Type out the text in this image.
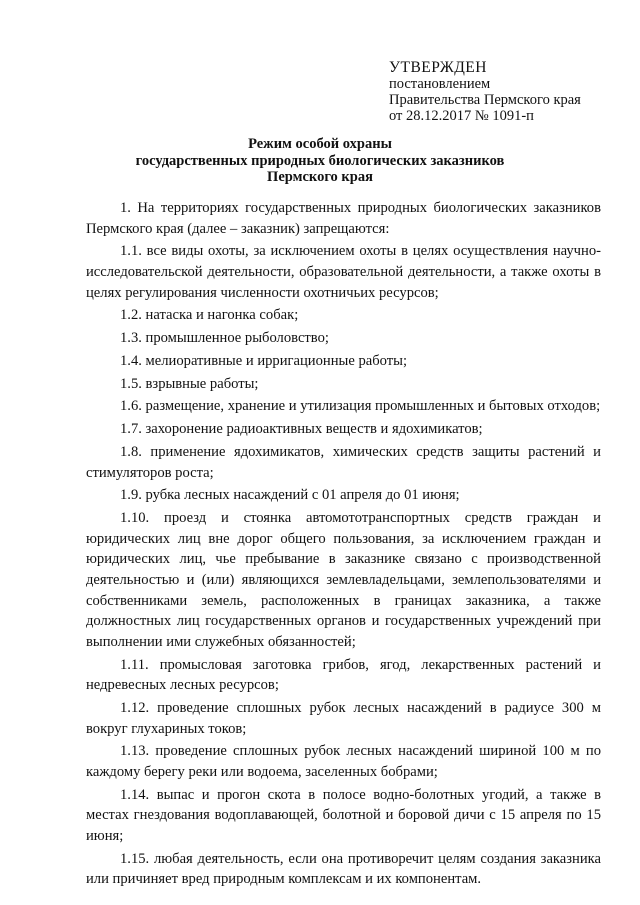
УТВЕРЖДЕН
постановлением
Правительства Пермского края
от 28.12.2017 № 1091-п
Режим особой охраны
государственных природных биологических заказников
Пермского края

1. На территориях государственных природных биологических заказников Пермского края (далее – заказник) запрещаются:

1.1. все виды охоты, за исключением охоты в целях осуществления научно-исследовательской деятельности, образовательной деятельности, а также охоты в целях регулирования численности охотничьих ресурсов;

1.2. натаска и нагонка собак;

1.3. промышленное рыболовство;

1.4. мелиоративные и ирригационные работы;

1.5. взрывные работы;

1.6. размещение, хранение и утилизация промышленных и бытовых отходов;

1.7. захоронение радиоактивных веществ и ядохимикатов;

1.8. применение ядохимикатов, химических средств защиты растений и стимуляторов роста;

1.9. рубка лесных насаждений с 01 апреля до 01 июня;

1.10. проезд и стоянка автомототранспортных средств граждан и юридических лиц вне дорог общего пользования, за исключением граждан и юридических лиц, чье пребывание в заказнике связано с производственной деятельностью и (или) являющихся землевладельцами, землепользователями и собственниками земель, расположенных в границах заказника, а также должностных лиц государственных органов и государственных учреждений при выполнении ими служебных обязанностей;

1.11. промысловая заготовка грибов, ягод, лекарственных растений и недревесных лесных ресурсов;

1.12. проведение сплошных рубок лесных насаждений в радиусе 300 м вокруг глухариных токов;

1.13. проведение сплошных рубок лесных насаждений шириной 100 м по каждому берегу реки или водоема, заселенных бобрами;

1.14. выпас и прогон скота в полосе водно-болотных угодий, а также в местах гнездования водоплавающей, болотной и боровой дичи с 15 апреля по 15 июня;

1.15. любая деятельность, если она противоречит целям создания заказника или причиняет вред природным комплексам и их компонентам.
